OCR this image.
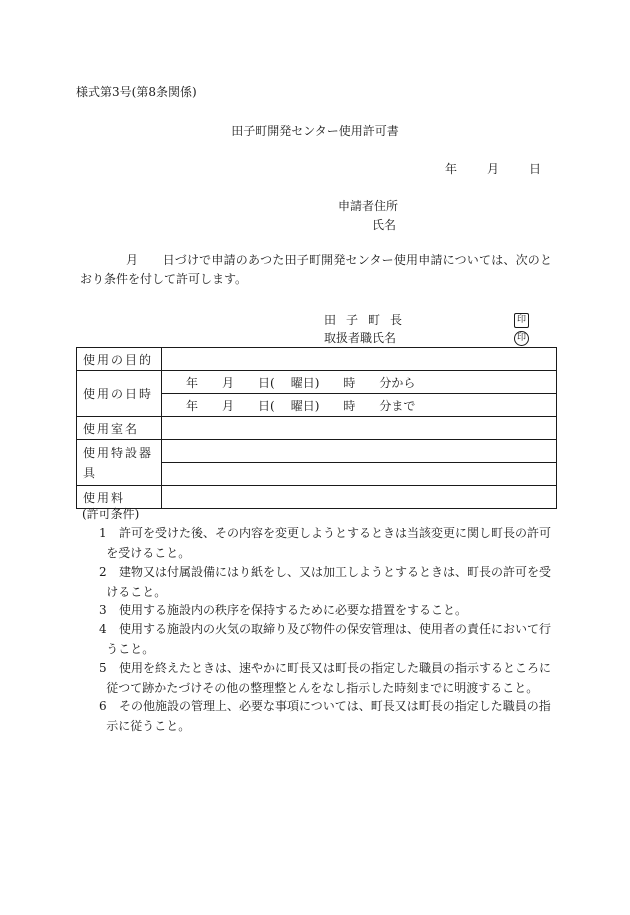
様式第3号(第8条関係)
田子町開発センター使用許可書
年	月	日
申請者住所
氏名
月　　日づけで申請のあつた田子町開発センター使用申請については、次のとおり条件を付して許可します。
田子町長	印
取扱者職氏名	印
使用の目的	
使用の日時	年 月 日( 曜日) 時 分から
	年 月 日( 曜日) 時 分まで
使用室名	
使用特設器具	

使用料	
(許可条件)
1 許可を受けた後、その内容を変更しようとするときは当該変更に関し町長の許可を受けること。
2 建物又は付属設備にはり紙をし、又は加工しようとするときは、町長の許可を受けること。
3 使用する施設内の秩序を保持するために必要な措置をすること。
4 使用する施設内の火気の取締り及び物件の保安管理は、使用者の責任において行うこと。
5 使用を終えたときは、速やかに町長又は町長の指定した職員の指示するところに従つて跡かたづけその他の整理整とんをなし指示した時刻までに明渡すること。
6 その他施設の管理上、必要な事項については、町長又は町長の指定した職員の指示に従うこと。
